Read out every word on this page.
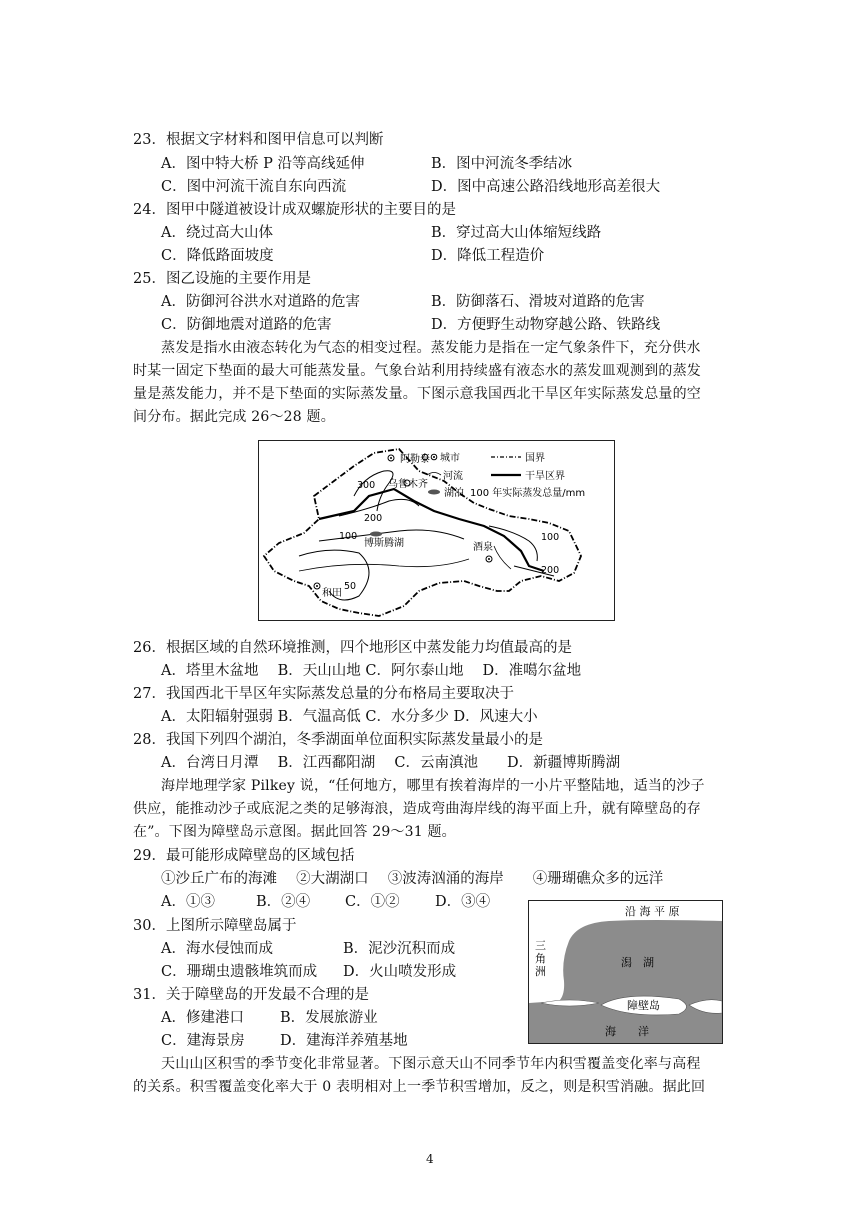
23．根据文字材料和图甲信息可以判断
A．图中特大桥 P 沿等高线延伸	B．图中河流冬季结冰
C．图中河流干流自东向西流	D．图中高速公路沿线地形高差很大
24．图甲中隧道被设计成双螺旋形状的主要目的是
A．绕过高大山体	B．穿过高大山体缩短线路
C．降低路面坡度	D．降低工程造价
25．图乙设施的主要作用是
A．防御河谷洪水对道路的危害	B．防御落石、滑坡对道路的危害
C．防御地震对道路的危害	D．方便野生动物穿越公路、铁路线
蒸发是指水由液态转化为气态的相变过程。蒸发能力是指在一定气象条件下，充分供水
时某一固定下垫面的最大可能蒸发量。气象台站利用持续盛有液态水的蒸发皿观测到的蒸发
量是蒸发能力，并不是下垫面的实际蒸发量。下图示意我国西北干旱区年实际蒸发总量的空
间分布。据此完成 26～28 题。
阿勒泰
乌鲁木齐
博斯腾湖	酒泉
和田
300
200
100
50
100
200
城市	国界
河流	干旱区界
湖泊 100 年实际蒸发总量/mm
26．根据区域的自然环境推测，四个地形区中蒸发能力均值最高的是
A．塔里木盆地　 B．天山山地 C．阿尔泰山地　 D．准噶尔盆地
27．我国西北干旱区年实际蒸发总量的分布格局主要取决于
A．太阳辐射强弱 B．气温高低 C．水分多少 D．风速大小
28．我国下列四个湖泊，冬季湖面单位面积实际蒸发量最小的是
A．台湾日月潭　 B．江西鄱阳湖　 C．云南滇池　　D．新疆博斯腾湖
海岸地理学家 Pilkey 说，“任何地方，哪里有挨着海岸的一小片平整陆地，适当的沙子
供应，能推动沙子或底泥之类的足够海浪，造成弯曲海岸线的海平面上升，就有障壁岛的存
在”。下图为障壁岛示意图。据此回答 29～31 题。
29．最可能形成障壁岛的区域包括
①沙丘广布的海滩　 ②大湖湖口　 ③波涛汹涌的海岸　　④珊瑚礁众多的远洋
A．①③	B．②④ C．①② D．③④
30．上图所示障壁岛属于
A．海水侵蚀而成	B．泥沙沉积而成
C．珊瑚虫遗骸堆筑而成 D．火山喷发形成
31．关于障壁岛的开发最不合理的是
A．修建港口 B．发展旅游业
C．建海景房 D．建海洋养殖基地
沿 海 平 原
三
角
洲
潟　湖
障壁岛
海　　洋
天山山区积雪的季节变化非常显著。下图示意天山不同季节年内积雪覆盖变化率与高程
的关系。积雪覆盖变化率大于 0 表明相对上一季节积雪增加，反之，则是积雪消融。据此回
4
